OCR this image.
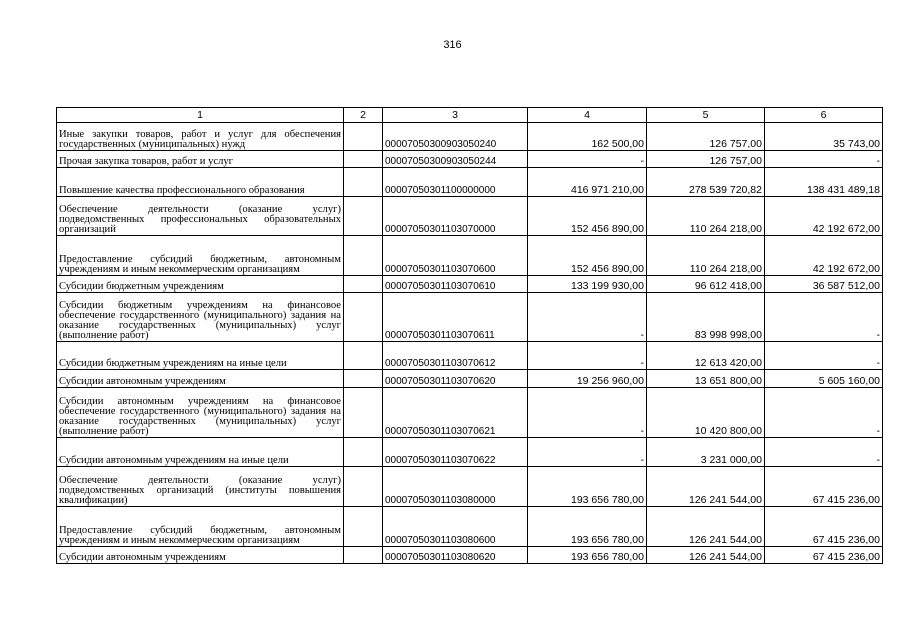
316
1	2	3	4	5	6
Иные закупки товаров, работ и услуг для обеспечения государственных (муниципальных) нужд		00007050300903050240	162 500,00	126 757,00	35 743,00
Прочая закупка товаров, работ и услуг		00007050300903050244	-	126 757,00	-
Повышение качества профессионального образования		00007050301100000000	416 971 210,00	278 539 720,82	138 431 489,18
Обеспечение деятельности (оказание услуг) подведомственных профессиональных образовательных организаций		00007050301103070000	152 456 890,00	110 264 218,00	42 192 672,00
Предоставление субсидий бюджетным, автономным учреждениям и иным некоммерческим организациям		00007050301103070600	152 456 890,00	110 264 218,00	42 192 672,00
Субсидии бюджетным учреждениям		00007050301103070610	133 199 930,00	96 612 418,00	36 587 512,00
Субсидии бюджетным учреждениям на финансовое обеспечение государственного (муниципального) задания на оказание государственных (муниципальных) услуг (выполнение работ)		00007050301103070611	-	83 998 998,00	-
Субсидии бюджетным учреждениям на иные цели		00007050301103070612	-	12 613 420,00	-
Субсидии автономным учреждениям		00007050301103070620	19 256 960,00	13 651 800,00	5 605 160,00
Субсидии автономным учреждениям на финансовое обеспечение государственного (муниципального) задания на оказание государственных (муниципальных) услуг (выполнение работ)		00007050301103070621	-	10 420 800,00	-
Субсидии автономным учреждениям на иные цели		00007050301103070622	-	3 231 000,00	-
Обеспечение деятельности (оказание услуг) подведомственных организаций (институты повышения квалификации)		00007050301103080000	193 656 780,00	126 241 544,00	67 415 236,00
Предоставление субсидий бюджетным, автономным учреждениям и иным некоммерческим организациям		00007050301103080600	193 656 780,00	126 241 544,00	67 415 236,00
Субсидии автономным учреждениям		00007050301103080620	193 656 780,00	126 241 544,00	67 415 236,00
